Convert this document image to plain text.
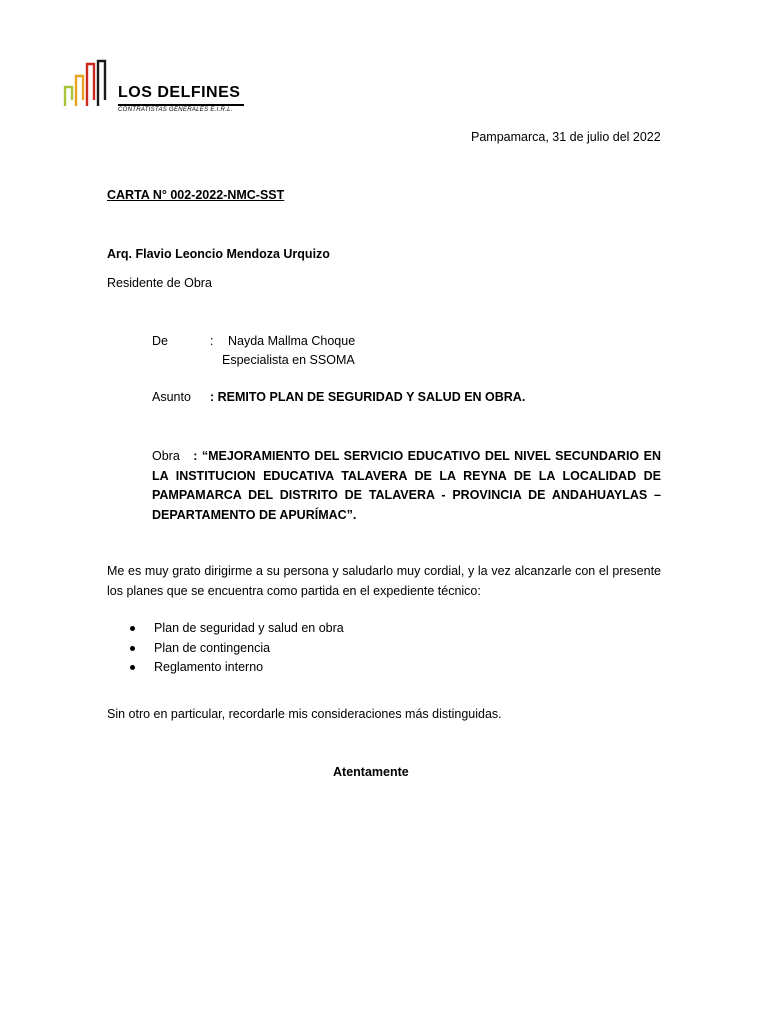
LOS DELFINES
CONTRATISTAS GENERALES E.I.R.L.
Pampamarca, 31 de julio del 2022
CARTA N° 002-2022-NMC-SST
Arq. Flavio Leoncio Mendoza Urquizo
Residente de Obra
De	: Nayda Mallma Choque
Especialista en SSOMA
Asunto : REMITO PLAN DE SEGURIDAD Y SALUD EN OBRA.
Obra : “MEJORAMIENTO DEL SERVICIO EDUCATIVO DEL NIVEL SECUNDARIO EN LA INSTITUCION EDUCATIVA TALAVERA DE LA REYNA DE LA LOCALIDAD DE PAMPAMARCA DEL DISTRITO DE TALAVERA - PROVINCIA DE ANDAHUAYLAS – DEPARTAMENTO DE APURÍMAC”.
Me es muy grato dirigirme a su persona y saludarlo muy cordial, y la vez alcanzarle con el presente los planes que se encuentra como partida en el expediente técnico:
Plan de seguridad y salud en obra
Plan de contingencia
Reglamento interno
Sin otro en particular, recordarle mis consideraciones más distinguidas.
Atentamente
